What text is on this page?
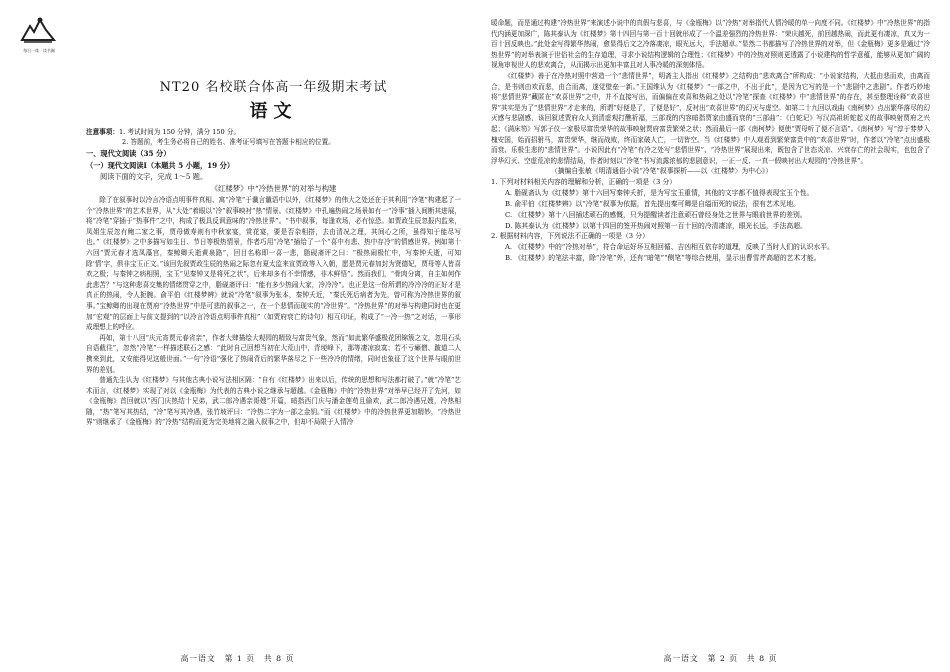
每日一练 · 读书圈
NT20 名校联合体高一年级期末考试
语文
注意事项：1. 考试时间为 150 分钟，满分 150 分。
2. 答题前，考生务必将自己的姓名、准考证号填写在答题卡相应的位置。
一、现代文阅读（35 分）
（一）现代文阅读Ⅰ（本题共 5 小题，19 分）
阅读下面的文字，完成 1～5 题。
《红楼梦》中“冷热世界”的对举与构建

除了在叙事时以冷言冷语点明事件真相、寓“冷笔”于谶言谶语中以外，《红楼梦》的伟大之处还在于其利用“冷笔”构建起了一个“冷热世界”的艺术世界，从“大处”着眼以“冷”叙事映衬“热”情景。《红楼梦》中孔遍热闹之场景如有一“冷事”插入间断其进展，将“冷笔”穿插于“热事件”之中，构成了极具反讽意味的“冷热世界”。“书中叙事，每逢欢场，必有惊恐。如贾政生辰忽报内监来，凤姐生辰忽有鲍二家之事，贾母做寿则有中秋家宴，赏花宴，要是否杂相搭，去由清况之理，其间心之所，虽得知于能尽写也。”《红楼梦》之中多描写如生日、节日等极热情景，作者巧用“冷笔”插给了一个“喜中有悲、热中存冷”的情感世界。例如第十六回“贾元春才选凤藻宫，秦鲸卿夭逝黄泉路”，回目名称即一喜一悲，脂砚斋评之曰：“极热闹极忙中，写秦钟夭逝，可知除‘情’字，俱非宝玉正文。”该回先叙贾政生辰的热闹之际忽有夏太监来宣贾政等入入朝，愿是贾元春加封为贤德妃，贾母等人皆喜欢之极；与秦钟之病相照，宝玉“见秦钟又是将死之状”，后来却多有不幸情感，非木鲜悟”。然而我们，“骨肉分离，自主如何作此悲苦？”与这种悲喜交集的情绪贯穿之中，脂砚斋评曰：“能有多少热闹大家，冷冷冷”。也正是这一份所谓的冷冷冷的正好才是真正的热闹，令人扼腕。俞平伯《红楼梦辨》就说“冷笔”叙事为张本，秦钟夭近，“秦氏死后病者为先，曾可称为冷热世界的叙事。”宝鲸卿的出现在贾府“冷热世界”中是可悲的叙事之一，在一个悲情而现实的“冷世界”。“冷热世界”的对举与构建同时也在更加“宏观”的层面上与前文提到的“以冷言冷语点明事件真相”（如贾府衰亡的诗句）相互印证，构成了“一冷一热”之对话，一事形成理想上的呼应。

再如，第十八回“庆元宵贾元春省亲”，作者大肆描绘大观园的精致与富贵气象，然而“如此繁华盛极花团锦簇之文，忽用石头自语截住”，忽然“冷笔”一样描述联石之感：“此时自己回想当初在大荒山中，青埂峰下，那等凄凉寂寞；若不亏癞僧、跛道二人携来到此，又安能得见这般世面。”一句“冷语”强化了热闹背后的繁华落尽之下一些冷冷的情绪，同时也象征了这个世界与眼前世界的差别。

普通先生认为《红楼梦》与其他古典小说写法相区隔：“自有《红楼梦》出来以后，传统的思想和写法都打破了。”就“冷笔”艺术而言，《红楼梦》实现了对以《金瓶梅》为代表的古典小说之继承与超越。《金瓶梅》中的“冷热世界”对举早已经开了先河，如《金瓶梅》首回就以“西门庆热结十兄弟，武二郎冷遇亲哥嫂”开篇，暗指西门庆与潘金莲苟且偷欢，武二郎冷遇兄嫂，冷热相随，“热”笔写其热结，“冷”笔写其冷遇，张竹坡评曰：“冷热二字为一部之金钥。”而《红楼梦》中的冷热世界更加精妙，“冷热世界”则继承了《金瓶梅》的“冷热”结构而更为完美地将之融入叙事之中，但却不局限于人情冷

高一语文　第 1 页　共 8 页

暖命题，而是通过构建“冷热世界”来演述小说中的真假与悲喜，与《金瓶梅》以“冷热”对举指代人情冷暖的单一向度不同。《红楼梦》中“冷热世界”的指代内涵更加深广，陈其泰认为《红楼梦》第十四回与第一百十回就形成了一个温差强烈的冷热世界：“荣庆越死，前回越热闹，而此更有凄凉，真又为一百十回反映也。”此处金写得繁华热闹，愈显得后文之冷落凄凉，眼光远大，手法超卓。”显然二书都描写了冷热世界的对举，但《金瓶梅》更多是通过“冷热世界”的对举表演于世俗社会的生存道理，寻求小说结构逻辑的合理性；《红楼梦》中的冷热对照则更透露了小说建构的哲学意蕴，能够从更加广阔的视角审视世人的悲欢离合，从而揭示出更加丰富且对人事冷暖的深刻体悟。

《红楼梦》善于在冷热对照中营造一个“悲情世界”，明斋主人指出《红楼梦》之结构由“悲欢离合”所构成：“小说家结构，大抵由悲而欢，由离而合，是书则由欢而悲，由合而离，遂觉壁垒一新。”王国维认为《红楼梦》“一部之中，不出于此”，是因为它写的是一个“悲剧中之悲剧”。作者巧妙地将“悲情世界”藏匿在“欢喜世界”之中，并不直接写出，而偏偏在欢喜和热闹之处以“冷笔”探查《红楼梦》中“悲情世界”的存在，甚至整理诠释“欢喜世界”其实是为了“悲情世界”才走来的，所谓“好便是了，了便是好”，反衬出“欢喜世界”的幻灭与虚空。如第二十九回以戏曲《南柯梦》点出繁华落尽的幻灭感与悲剧感，该回叙述贾府众人到清虚观打醮祈福，三部戏的内容暗指贾家由盛而衰的“三部曲”：《白蛇记》写汉高祖斩蛇起义的故事映射贾府之兴起；《满床笏》写郭子仪一家极尽富贵荣华的故事映射贾府富贵繁荣之状；然而最后一部《南柯梦》便使“贾母听了便不言语”。《南柯梦》写“淳于棼梦入槐安国，始而招驸马，富贵荣华，继而战败，终而家破人亡，一切皆空。当《红楼梦》中人观看到繁荣富贵中的“欢喜世界”时，作者以“冷笔”点出盛极而衰、乐极生悲的“悲情世界”。小说因此有“冷笔”有冷之处写“悲情世界”、“冷热世界”展现出来，既包含了世态炎凉、兴衰存亡的社会现实，也包含了浮华幻灭、空虚荒凉的悲情结局，作者时刻以“冷笔”书写流露浓郁的悲剧意识，一正一反、一真一假映衬出大观园的“冷热世界”。

（摘编自张敏《明清通俗小说“冷笔”叙事探析——以〈红楼梦〉为中心》）

1. 下列对材料相关内容的理解和分析，正确的一项是（3 分）

A. 脂砚斋认为《红楼梦》第十六回写秦钟夭折，是为写宝玉重情，其他的文字都不值得表现宝玉个性。

B. 俞平伯《红楼梦辨》以“冷笔”叙事为依据，首先提出秦可卿是自缢而死的说法，很有艺术见地。

C. 《红楼梦》第十八回插述顽石的感慨，只为提醒读者注意顽石曾经身处之世界与眼前世界的差别。

D. 陈其泰认为《红楼梦》以第十四回的签开热闹对照第一百十回的冷清凄凉，眼光长远，手法高超。

2. 根据材料内容，下列说法不正确的一项是（3 分）

A. 《红楼梦》中的“冷热对举”，符合命运好坏互相回循、吉凶相互依存的道理，反映了当时人们的认识水平。

B. 《红楼梦》的笔法丰富，除“冷笔”外，还有“暗笔”“侧笔”等综合使用，显示出曹雪芹高超的艺术才能。

高一语文　第 2 页　共 8 页
